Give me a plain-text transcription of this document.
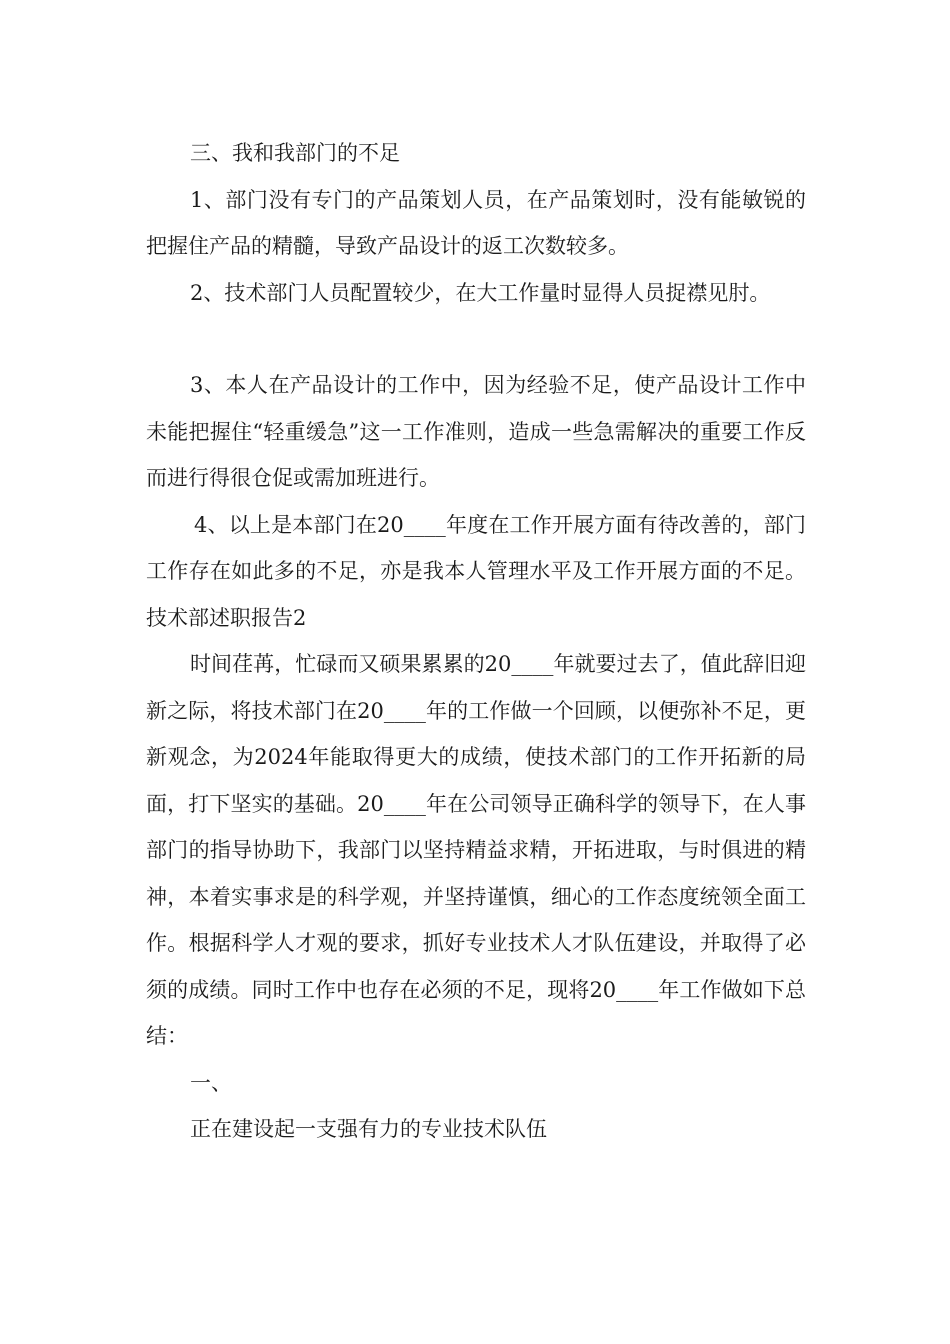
三、我和我部门的不足

1、部门没有专门的产品策划人员，在产品策划时，没有能敏锐的把握住产品的精髓，导致产品设计的返工次数较多。

2、技术部门人员配置较少，在大工作量时显得人员捉襟见肘。

3、本人在产品设计的工作中，因为经验不足，使产品设计工作中未能把握住“轻重缓急”这一工作准则，造成一些急需解决的重要工作反而进行得很仓促或需加班进行。

4、以上是本部门在20____年度在工作开展方面有待改善的，部门工作存在如此多的不足，亦是我本人管理水平及工作开展方面的不足。技术部述职报告2

时间荏苒，忙碌而又硕果累累的20____年就要过去了，值此辞旧迎新之际，将技术部门在20____年的工作做一个回顾，以便弥补不足，更新观念，为2024年能取得更大的成绩，使技术部门的工作开拓新的局面，打下坚实的基础。20____年在公司领导正确科学的领导下，在人事部门的指导协助下，我部门以坚持精益求精，开拓进取，与时俱进的精神，本着实事求是的科学观，并坚持谨慎，细心的工作态度统领全面工作。根据科学人才观的要求，抓好专业技术人才队伍建设，并取得了必须的成绩。同时工作中也存在必须的不足，现将20____年工作做如下总结：

一、

正在建设起一支强有力的专业技术队伍
